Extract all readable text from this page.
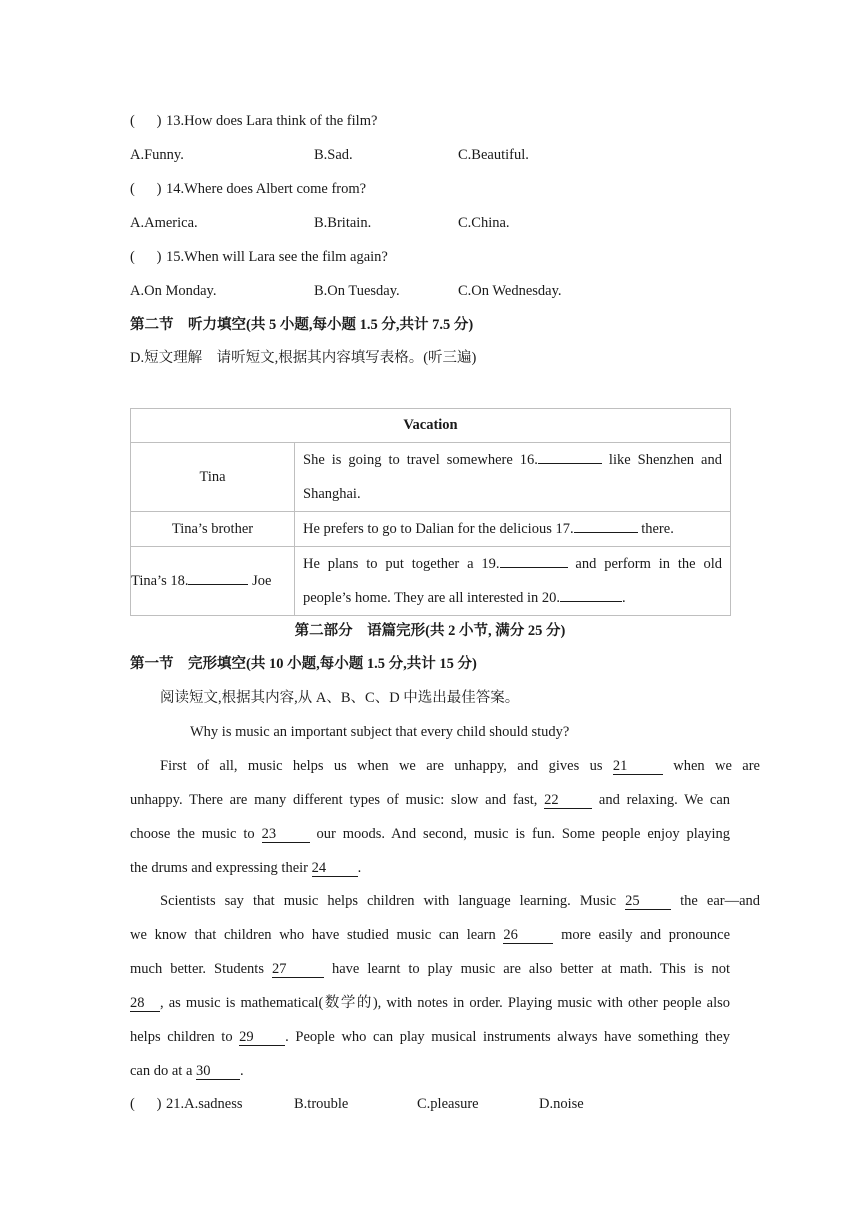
( ) 13.How does Lara think of the film?
A.Funny.	B.Sad.	C.Beautiful.
( ) 14.Where does Albert come from?
A.America.	B.Britain.	C.China.
( ) 15.When will Lara see the film again?
A.On Monday.	B.On Tuesday.	C.On Wednesday.
第二节　听力填空(共 5 小题,每小题 1.5 分,共计 7.5 分)
D.短文理解　请听短文,根据其内容填写表格。(听三遍)
Vacation	
Tina	She is going to travel somewhere 16. like Shenzhen and
Shanghai.

Tina’s brother	He prefers to go to Dalian for the delicious 17. there.
Tina’s 18. Joe	He plans to put together a 19. and perform in the old
people’s home. They are all interested in 20. .
第二部分　语篇完形(共 2 小节, 满分 25 分)
第一节　完形填空(共 10 小题,每小题 1.5 分,共计 15 分)
阅读短文,根据其内容,从 A、B、C、D 中选出最佳答案。
Why is music an important subject that every child should study?
First of all, music helps us when we are unhappy, and gives us 21	when we are
unhappy. There are many different types of music: slow and fast, 22	and relaxing. We can
choose the music to 23	our moods. And second, music is fun. Some people enjoy playing
the drums and expressing their 24 .
Scientists say that music helps children with language learning. Music 25	the ear—and
we know that children who have studied music can learn 26	more easily and pronounce
much better. Students 27	have learnt to play music are also better at math. This is not
28 , as music is mathematical(数学的), with notes in order. Playing music with other people also
helps children to 29 . People who can play musical instruments always have something they
can do at a 30 .
( ) 21.A.sadness	B.trouble	C.pleasure	D.noise
